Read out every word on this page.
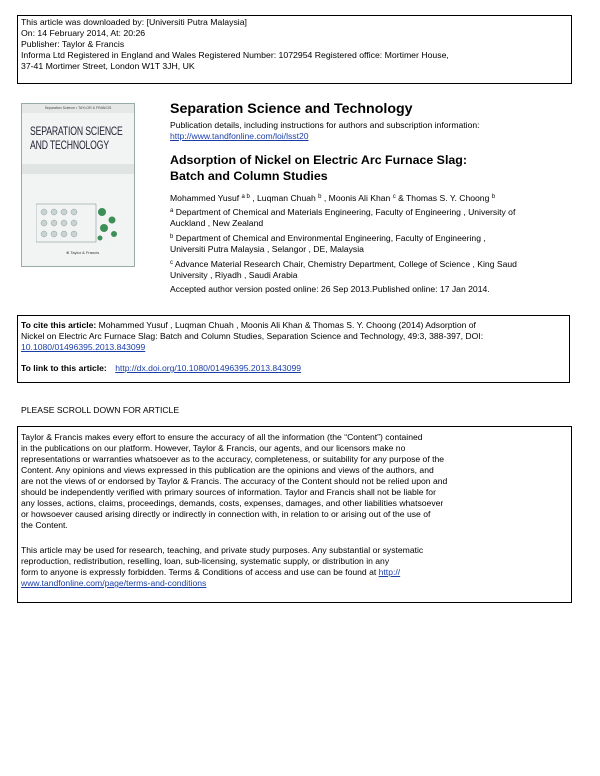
This article was downloaded by: [Universiti Putra Malaysia]
On: 14 February 2014, At: 20:26
Publisher: Taylor & Francis
Informa Ltd Registered in England and Wales Registered Number: 1072954 Registered office: Mortimer House,
37-41 Mortimer Street, London W1T 3JH, UK
Separation Science • TAYLOR & FRANCIS
SEPARATION SCIENCE
AND TECHNOLOGY
⊕ Taylor & Francis
Separation Science and Technology
Publication details, including instructions for authors and subscription information:
http://www.tandfonline.com/loi/lsst20
Adsorption of Nickel on Electric Arc Furnace Slag:
Batch and Column Studies
Mohammed Yusuf $^{a b}$ , Luqman Chuah $^b$ , Moonis Ali Khan $^c$ & Thomas S. Y. Choong $^b$
$^a$ Department of Chemical and Materials Engineering, Faculty of Engineering , University of
Auckland , New Zealand
$^b$ Department of Chemical and Environmental Engineering, Faculty of Engineering ,
Universiti Putra Malaysia , Selangor , DE, Malaysia
$^c$ Advance Material Research Chair, Chemistry Department, College of Science , King Saud
University , Riyadh , Saudi Arabia
Accepted author version posted online: 26 Sep 2013.Published online: 17 Jan 2014.
To cite this article: Mohammed Yusuf , Luqman Chuah , Moonis Ali Khan & Thomas S. Y. Choong (2014) Adsorption of
Nickel on Electric Arc Furnace Slag: Batch and Column Studies, Separation Science and Technology, 49:3, 388-397, DOI:
10.1080/01496395.2013.843099
To link to this article: http://dx.doi.org/10.1080/01496395.2013.843099
PLEASE SCROLL DOWN FOR ARTICLE
Taylor & Francis makes every effort to ensure the accuracy of all the information (the “Content”) contained
in the publications on our platform. However, Taylor & Francis, our agents, and our licensors make no
representations or warranties whatsoever as to the accuracy, completeness, or suitability for any purpose of the
Content. Any opinions and views expressed in this publication are the opinions and views of the authors, and
are not the views of or endorsed by Taylor & Francis. The accuracy of the Content should not be relied upon and
should be independently verified with primary sources of information. Taylor and Francis shall not be liable for
any losses, actions, claims, proceedings, demands, costs, expenses, damages, and other liabilities whatsoever
or howsoever caused arising directly or indirectly in connection with, in relation to or arising out of the use of
the Content.
This article may be used for research, teaching, and private study purposes. Any substantial or systematic
reproduction, redistribution, reselling, loan, sub-licensing, systematic supply, or distribution in any
form to anyone is expressly forbidden. Terms & Conditions of access and use can be found at http://
www.tandfonline.com/page/terms-and-conditions
